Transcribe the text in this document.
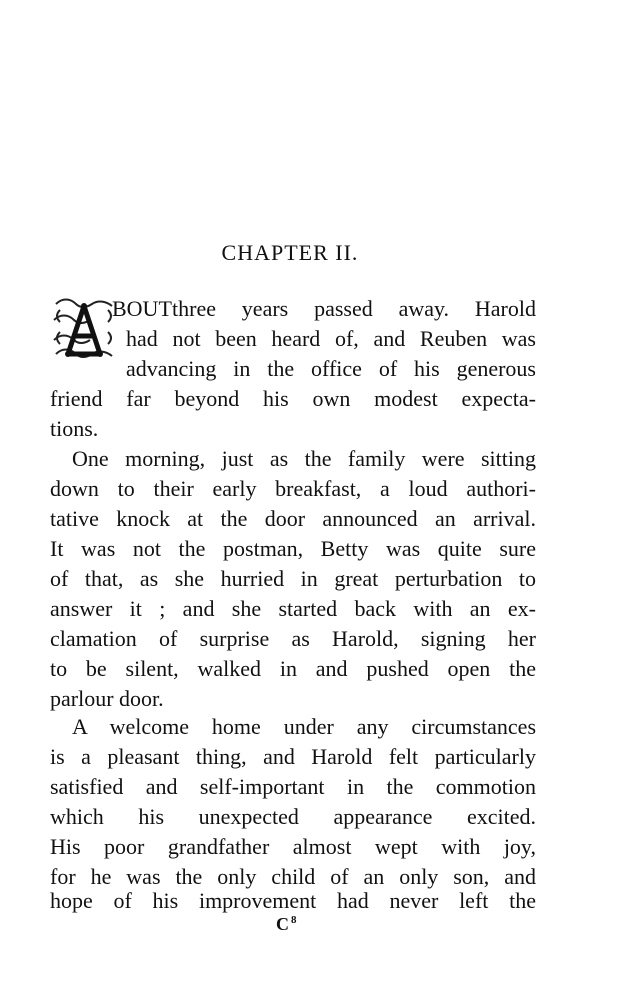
CHAPTER II.
BOUT three years passed away. Harold
had not been heard of, and Reuben was
advancing in the office of his generous
friend far beyond his own modest expecta-
tions.
One morning, just as the family were sitting
down to their early breakfast, a loud authori-
tative knock at the door announced an arrival.
It was not the postman, Betty was quite sure
of that, as she hurried in great perturbation to
answer it ; and she started back with an ex-
clamation of surprise as Harold, signing her
to be silent, walked in and pushed open the
parlour door.
A welcome home under any circumstances
is a pleasant thing, and Harold felt particularly
satisfied and self-important in the commotion
which his unexpected appearance excited.
His poor grandfather almost wept with joy,
for he was the only child of an only son, and
hope of his improvement had never left the
C $^8$
